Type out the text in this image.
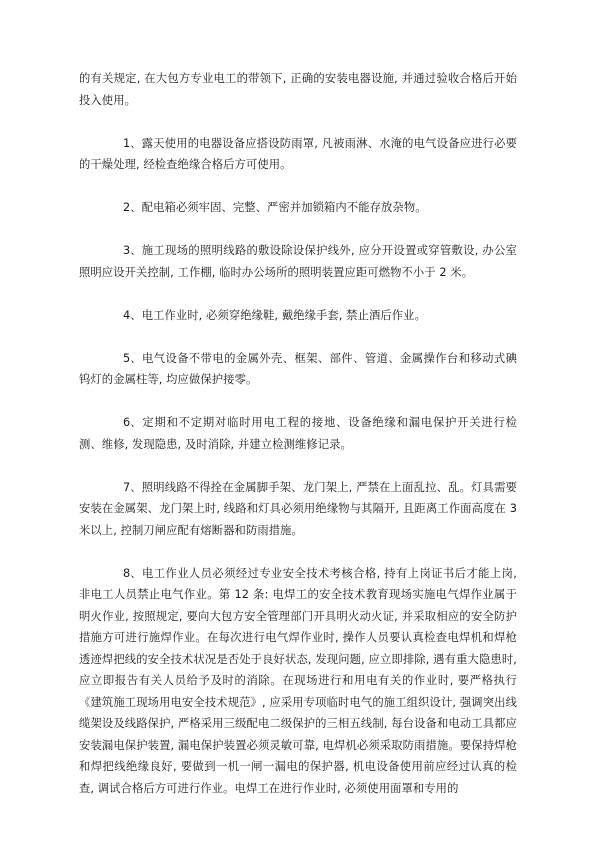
的有关规定, 在大包方专业电工的带领下, 正确的安装电器设施, 并通过验收合格后开始投入使用。

1、露天使用的电器设备应搭设防雨罩, 凡被雨淋、水淹的电气设备应进行必要的干燥处理, 经检查绝缘合格后方可使用。

2、配电箱必须牢固、完整、严密并加锁箱内不能存放杂物。

3、施工现场的照明线路的敷设除设保护线外, 应分开设置或穿管敷设, 办公室照明应设开关控制, 工作棚, 临时办公场所的照明装置应距可燃物不小于 2 米。

4、电工作业时, 必须穿绝缘鞋, 戴绝缘手套, 禁止酒后作业。

5、电气设备不带电的金属外壳、框架、部件、管道、金属操作台和移动式碘钨灯的金属柱等, 均应做保护接零。

6、定期和不定期对临时用电工程的接地、设备绝缘和漏电保护开关进行检测、维修, 发现隐患, 及时消除, 并建立检测维修记录。

7、照明线路不得拴在金属脚手架、龙门架上, 严禁在上面乱拉、乱。灯具需要安装在金属架、龙门架上时, 线路和灯具必须用绝缘物与其隔开, 且距离工作面高度在 3 米以上, 控制刀闸应配有熔断器和防雨措施。

8、电工作业人员必须经过专业安全技术考核合格, 持有上岗证书后才能上岗, 非电工人员禁止电气作业。第 12 条: 电焊工的安全技术教育现场实施电气焊作业属于明火作业, 按照规定, 要向大包方安全管理部门开具明火动火证, 并采取相应的安全防护措施方可进行施焊作业。在每次进行电气焊作业时, 操作人员要认真检查电焊机和焊枪透迹焊把线的安全技术状况是否处于良好状态, 发现问题, 应立即排除, 遇有重大隐患时, 应立即报告有关人员给予及时的消除。在现场进行和用电有关的作业时, 要严格执行《建筑施工现场用电安全技术规范》, 应采用专项临时电气的施工组织设计, 强调突出线缆架设及线路保护, 严格采用三级配电二级保护的三相五线制, 每台设备和电动工具都应安装漏电保护装置, 漏电保护装置必须灵敏可靠, 电焊机必须采取防雨措施。要保持焊枪和焊把线绝缘良好, 要做到一机一闸一漏电的保护器, 机电设备使用前应经过认真的检查, 调试合格后方可进行作业。电焊工在进行作业时, 必须使用面罩和专用的
